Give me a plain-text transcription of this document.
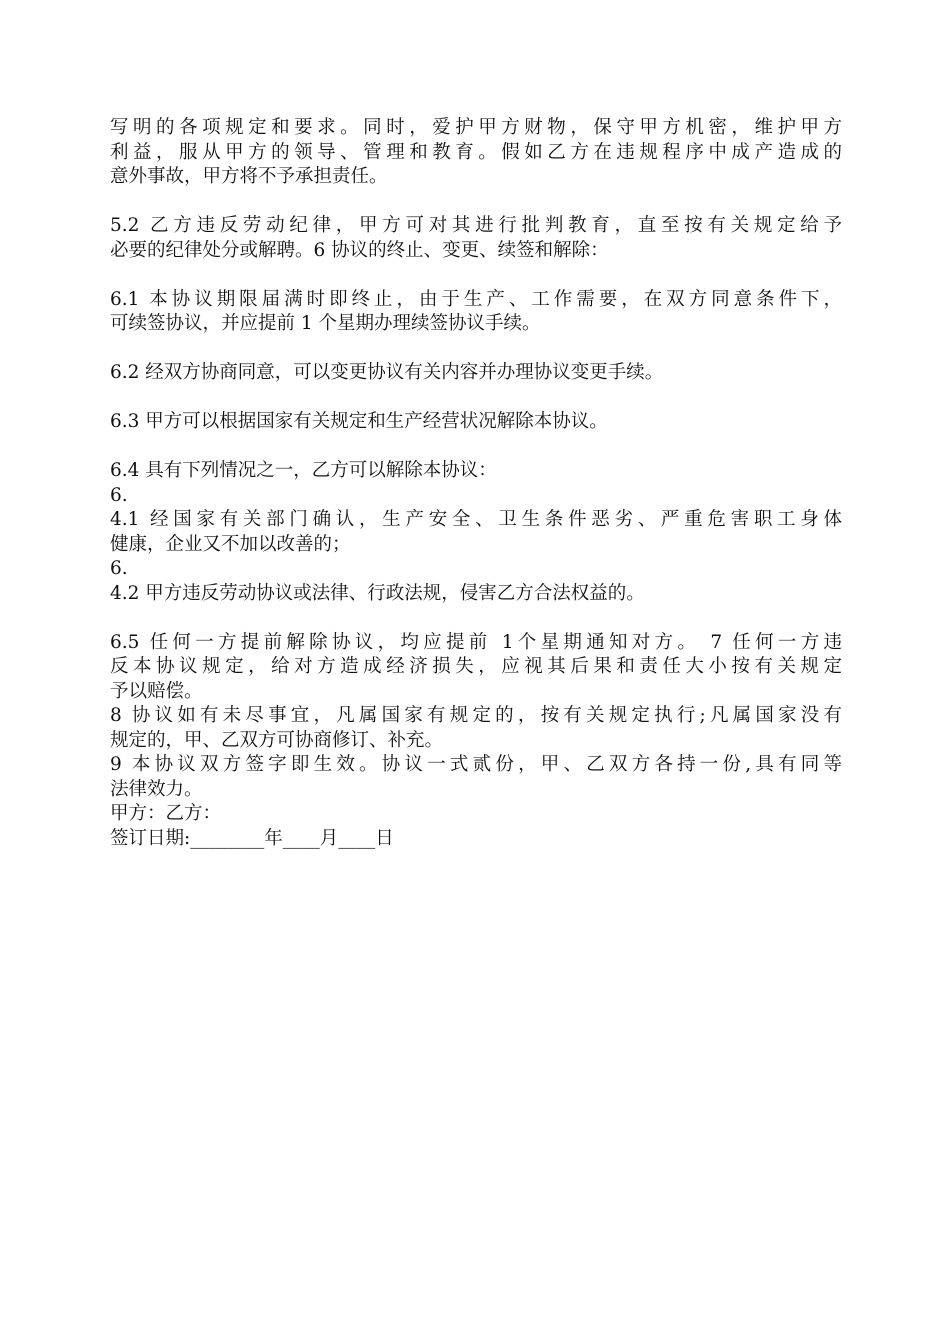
写明的各项规定和要求。同时，爱护甲方财物，保守甲方机密，维护甲方
利益，服从甲方的领导、管理和教育。假如乙方在违规程序中成产造成的
意外事故，甲方将不予承担责任。
5.2 乙方违反劳动纪律，甲方可对其进行批判教育，直至按有关规定给予
必要的纪律处分或解聘。6 协议的终止、变更、续签和解除：
6.1 本协议期限届满时即终止，由于生产、工作需要，在双方同意条件下，
可续签协议，并应提前 1 个星期办理续签协议手续。
6.2 经双方协商同意，可以变更协议有关内容并办理协议变更手续。
6.3 甲方可以根据国家有关规定和生产经营状况解除本协议。
6.4 具有下列情况之一，乙方可以解除本协议：
6.
4.1 经国家有关部门确认，生产安全、卫生条件恶劣、严重危害职工身体
健康，企业又不加以改善的；
6.
4.2 甲方违反劳动协议或法律、行政法规，侵害乙方合法权益的。
6.5 任何一方提前解除协议，均应提前 1个星期通知对方。 7 任何一方违
反本协议规定，给对方造成经济损失，应视其后果和责任大小按有关规定
予以赔偿。
8 协议如有未尽事宜，凡属国家有规定的，按有关规定执行;凡属国家没有
规定的，甲、乙双方可协商修订、补充。
9 本协议双方签字即生效。协议一式贰份，甲、乙双方各持一份,具有同等
法律效力。
甲方：乙方：
签订日期:________年____月____日
